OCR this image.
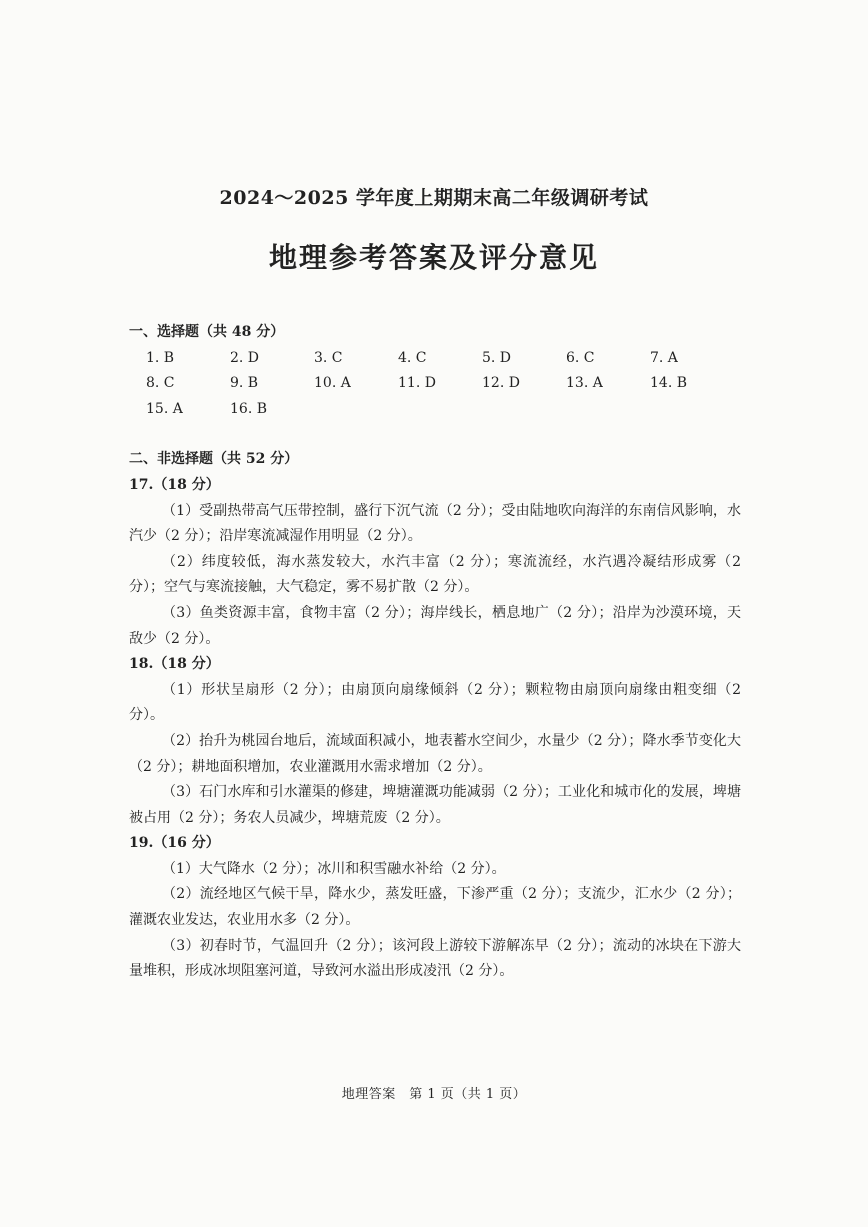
2024～2025 学年度上期期末高二年级调研考试
地理参考答案及评分意见
一、选择题（共 48 分）
1. B	2. D	3. C	4. C	5. D	6. C	7. A
8. C	9. B	10. A	11. D	12. D	13. A	14. B
15. A	16. B
二、非选择题（共 52 分）
17.（18 分）
（1）受副热带高气压带控制，盛行下沉气流（2 分）；受由陆地吹向海洋的东南信风影响，水汽少（2 分）；沿岸寒流减湿作用明显（2 分）。
（2）纬度较低，海水蒸发较大，水汽丰富（2 分）；寒流流经，水汽遇冷凝结形成雾（2 分）；空气与寒流接触，大气稳定，雾不易扩散（2 分）。
（3）鱼类资源丰富，食物丰富（2 分）；海岸线长，栖息地广（2 分）；沿岸为沙漠环境，天敌少（2 分）。
18.（18 分）
（1）形状呈扇形（2 分）；由扇顶向扇缘倾斜（2 分）；颗粒物由扇顶向扇缘由粗变细（2 分）。
（2）抬升为桃园台地后，流域面积减小，地表蓄水空间少，水量少（2 分）；降水季节变化大（2 分）；耕地面积增加，农业灌溉用水需求增加（2 分）。
（3）石门水库和引水灌渠的修建，埤塘灌溉功能减弱（2 分）；工业化和城市化的发展，埤塘被占用（2 分）；务农人员减少，埤塘荒废（2 分）。
19.（16 分）
（1）大气降水（2 分）；冰川和积雪融水补给（2 分）。
（2）流经地区气候干旱，降水少，蒸发旺盛，下渗严重（2 分）；支流少，汇水少（2 分）；灌溉农业发达，农业用水多（2 分）。
（3）初春时节，气温回升（2 分）；该河段上游较下游解冻早（2 分）；流动的冰块在下游大量堆积，形成冰坝阻塞河道，导致河水溢出形成凌汛（2 分）。
地理答案　第 1 页（共 1 页）
